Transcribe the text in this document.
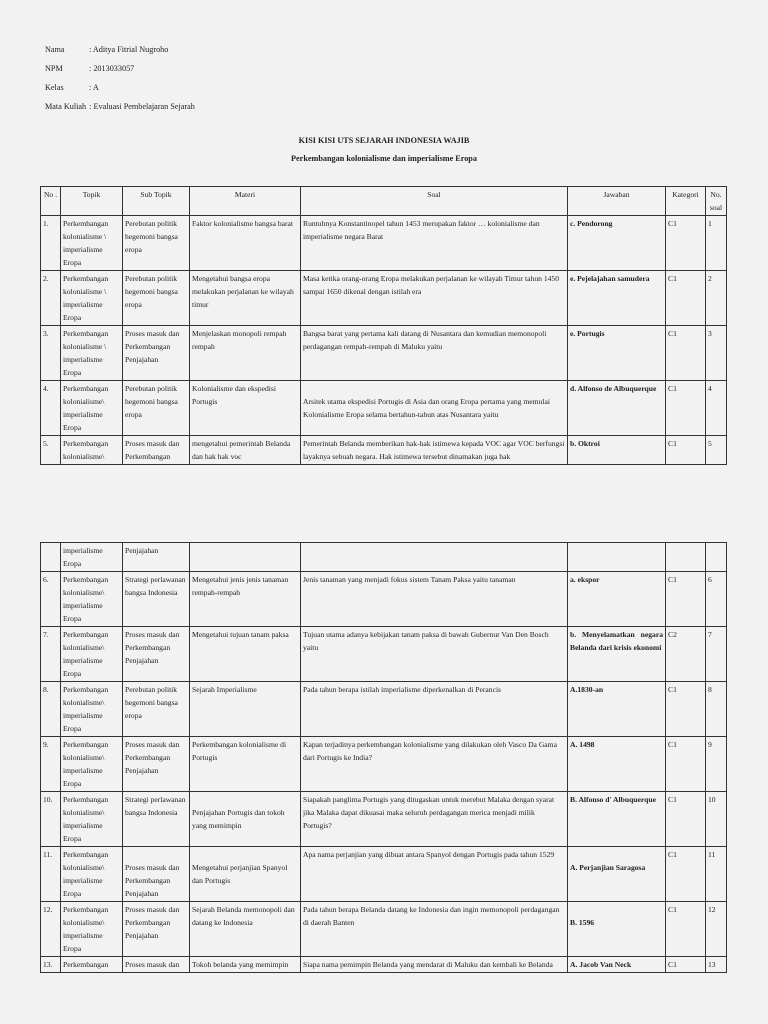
Nama	: Aditya Fitrial Nugroho
NPM	: 2013033057
Kelas	: A
Mata Kuliah : Evaluasi Pembelajaran Sejarah
KISI KISI UTS SEJARAH INDONESIA WAJIB
Perkembangan kolonialisme dan imperialisme Eropa
No .	Topik	Sub Topik	Materi	Soal	Jawaban	Kategori	No. soal
1.	Perkembangan kolonialisme \ imperialisme Eropa	Perebutan politik hegemoni bangsa eropa	Faktor kolonialisme bangsa barat	Runtuhnya Konstantinopel tahun 1453 merupakan faktor … kolonialisme dan imperialisme negara Barat	c. Pendorong	C1	1
2.	Perkembangan kolonialisme \ imperialisme Eropa	Perebutan politik hegemoni bangsa eropa	Mengetahui bangsa eropa melakukan perjalanan ke wilayah timur	Masa ketika orang-orang Eropa melakukan perjalanan ke wilayah Timur tahun 1450 sampai 1650 dikenal dengan istilah era	e. Pejelajahan samudera	C1	2
3.	Perkembangan kolonialisme \ imperialisme Eropa	Proses masuk dan Perkembangan Penjajahan	Menjelaskan monopoli rempah rempah	Bangsa barat yang pertama kali datang di Nusantara dan kemudian memonopoli perdagangan rempah-rempah di Maluku yaitu	e. Portugis	C1	3
4.	Perkembangan kolonialisme\ imperialisme Eropa	Perebutan politik hegemoni bangsa eropa	Kolonialisme dan ekspedisi Portugis	Arsitek utama ekspedisi Portugis di Asia dan orang Eropa pertama yang memulai Kolonialisme Eropa selama bertahun-tahun atas Nusantara yaitu	d. Alfonso de Albuquerque	C1	4
5.	Perkembangan kolonialisme\	Proses masuk dan Perkembangan	mengetahui pemerintah Belanda dan hak hak voc	Pemerintah Belanda memberikan hak-hak istimewa kepada VOC agar VOC berfungsi layaknya sebuah negara. Hak istimewa tersebut dinamakan juga hak	b. Oktroi	C1	5
	imperialisme Eropa	Penjajahan					
6.	Perkembangan kolonialisme\ imperialisme Eropa	Strategi perlawanan bangsa Indonesia	Mengetahui jenis jenis tanaman rempah-rempah	Jenis tanaman yang menjadi fokus sistem Tanam Paksa yaitu tanaman	a. ekspor	C1	6
7.	Perkembangan kolonialisme\ imperialisme Eropa	Proses masuk dan Perkembangan Penjajahan	Mengetahui tujuan tanam paksa	Tujuan utama adanya kebijakan tanam paksa di bawah Gubernur Van Den Bosch yaitu	b. Menyelamatkan negara Belanda dari krisis ekonomi	C2	7
8.	Perkembangan kolonialisme\ imperialisme Eropa	Perebutan politik hegemoni bangsa eropa	Sejarah Imperialisme	Pada tahun berapa istilah imperialisme diperkenalkan di Perancis	A.1830-an	C1	8
9.	Perkembangan kolonialisme\ imperialisme Eropa	Proses masuk dan Perkembangan Penjajahan	Perkembangan kolonialisme di Portugis	Kapan terjadinya perkembangan kolonialisme yang dilakukan oleh Vasco Da Gama dari Portugis ke India?	A. 1498	C1	9
10.	Perkembangan kolonialisme\ imperialisme Eropa	Strategi perlawanan bangsa Indonesia	Penjajahan Portugis dan tokoh yang memimpin	Siapakah panglima Portugis yang ditugaskan untuk merebut Malaka dengan syarat jika Malaka dapat dikuasai maka seluruh perdagangan merica menjadi milik Portugis?	B. Alfonso d' Albuquerque	C1	10
11.	Perkembangan kolonialisme\ imperialisme Eropa	Proses masuk dan Perkembangan Penjajahan	Mengetahui perjanjian Spanyol dan Portugis	Apa nama perjanjian yang dibuat antara Spanyol dengan Portugis pada tahun 1529	A. Perjanjian Saragosa	C1	11
12.	Perkembangan kolonialisme\ imperialisme Eropa	Proses masuk dan Perkembangan Penjajahan	Sejarah Belanda memonopoli dan datang ke Indonesia	Pada tahun berapa Belanda datang ke Indonesia dan ingin memonopoli perdagangan di daerah Banten	B. 1596	C1	12
13.	Perkembangan	Proses masuk dan	Tokoh belanda yang memimpin	Siapa nama pemimpin Belanda yang mendarat di Maluku dan kembali ke Belanda	A. Jacob Van Neck	C1	13
